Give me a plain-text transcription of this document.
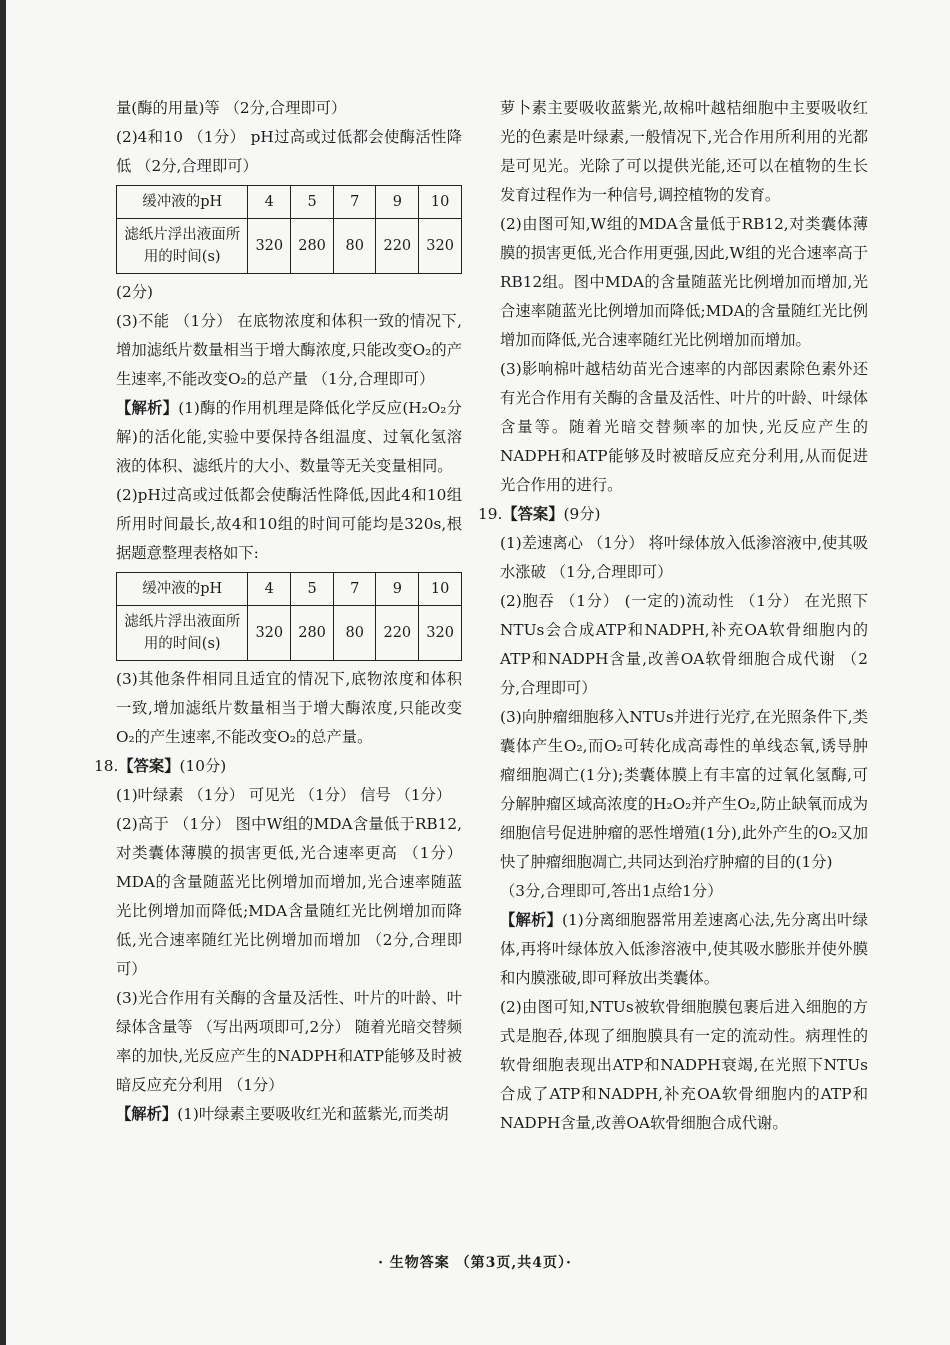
量(酶的用量)等 （2分,合理即可）

(2)4和10 （1分） pH过高或过低都会使酶活性降低 （2分,合理即可）

缓冲液的pH	4	5	7	9	10
滤纸片浮出液面所用的时间(s)	320	280	80	220	320

(2分)

(3)不能 （1分） 在底物浓度和体积一致的情况下,增加滤纸片数量相当于增大酶浓度,只能改变O₂的产生速率,不能改变O₂的总产量 （1分,合理即可）

【解析】(1)酶的作用机理是降低化学反应(H₂O₂分解)的活化能,实验中要保持各组温度、过氧化氢溶液的体积、滤纸片的大小、数量等无关变量相同。

(2)pH过高或过低都会使酶活性降低,因此4和10组所用时间最长,故4和10组的时间可能均是320s,根据题意整理表格如下:

缓冲液的pH	4	5	7	9	10
滤纸片浮出液面所用的时间(s)	320	280	80	220	320

(3)其他条件相同且适宜的情况下,底物浓度和体积一致,增加滤纸片数量相当于增大酶浓度,只能改变O₂的产生速率,不能改变O₂的总产量。

18.【答案】(10分)

(1)叶绿素 （1分） 可见光 （1分） 信号 （1分）

(2)高于 （1分） 图中W组的MDA含量低于RB12,对类囊体薄膜的损害更低,光合速率更高 （1分） MDA的含量随蓝光比例增加而增加,光合速率随蓝光比例增加而降低;MDA含量随红光比例增加而降低,光合速率随红光比例增加而增加 （2分,合理即可）

(3)光合作用有关酶的含量及活性、叶片的叶龄、叶绿体含量等 （写出两项即可,2分） 随着光暗交替频率的加快,光反应产生的NADPH和ATP能够及时被暗反应充分利用 （1分）

【解析】(1)叶绿素主要吸收红光和蓝紫光,而类胡

萝卜素主要吸收蓝紫光,故棉叶越桔细胞中主要吸收红光的色素是叶绿素,一般情况下,光合作用所利用的光都是可见光。光除了可以提供光能,还可以在植物的生长发育过程作为一种信号,调控植物的发育。

(2)由图可知,W组的MDA含量低于RB12,对类囊体薄膜的损害更低,光合作用更强,因此,W组的光合速率高于RB12组。图中MDA的含量随蓝光比例增加而增加,光合速率随蓝光比例增加而降低;MDA的含量随红光比例增加而降低,光合速率随红光比例增加而增加。

(3)影响棉叶越桔幼苗光合速率的内部因素除色素外还有光合作用有关酶的含量及活性、叶片的叶龄、叶绿体含量等。随着光暗交替频率的加快,光反应产生的NADPH和ATP能够及时被暗反应充分利用,从而促进光合作用的进行。

19.【答案】(9分)

(1)差速离心 （1分） 将叶绿体放入低渗溶液中,使其吸水涨破 （1分,合理即可）

(2)胞吞 （1分） (一定的)流动性 （1分） 在光照下NTUs会合成ATP和NADPH,补充OA软骨细胞内的ATP和NADPH含量,改善OA软骨细胞合成代谢 （2分,合理即可）

(3)向肿瘤细胞移入NTUs并进行光疗,在光照条件下,类囊体产生O₂,而O₂可转化成高毒性的单线态氧,诱导肿瘤细胞凋亡(1分);类囊体膜上有丰富的过氧化氢酶,可分解肿瘤区域高浓度的H₂O₂并产生O₂,防止缺氧而成为细胞信号促进肿瘤的恶性增殖(1分),此外产生的O₂又加快了肿瘤细胞凋亡,共同达到治疗肿瘤的目的(1分)

（3分,合理即可,答出1点给1分）

【解析】(1)分离细胞器常用差速离心法,先分离出叶绿体,再将叶绿体放入低渗溶液中,使其吸水膨胀并使外膜和内膜涨破,即可释放出类囊体。

(2)由图可知,NTUs被软骨细胞膜包裹后进入细胞的方式是胞吞,体现了细胞膜具有一定的流动性。病理性的软骨细胞表现出ATP和NADPH衰竭,在光照下NTUs合成了ATP和NADPH,补充OA软骨细胞内的ATP和NADPH含量,改善OA软骨细胞合成代谢。

· 生物答案 （第3页,共4页）·
